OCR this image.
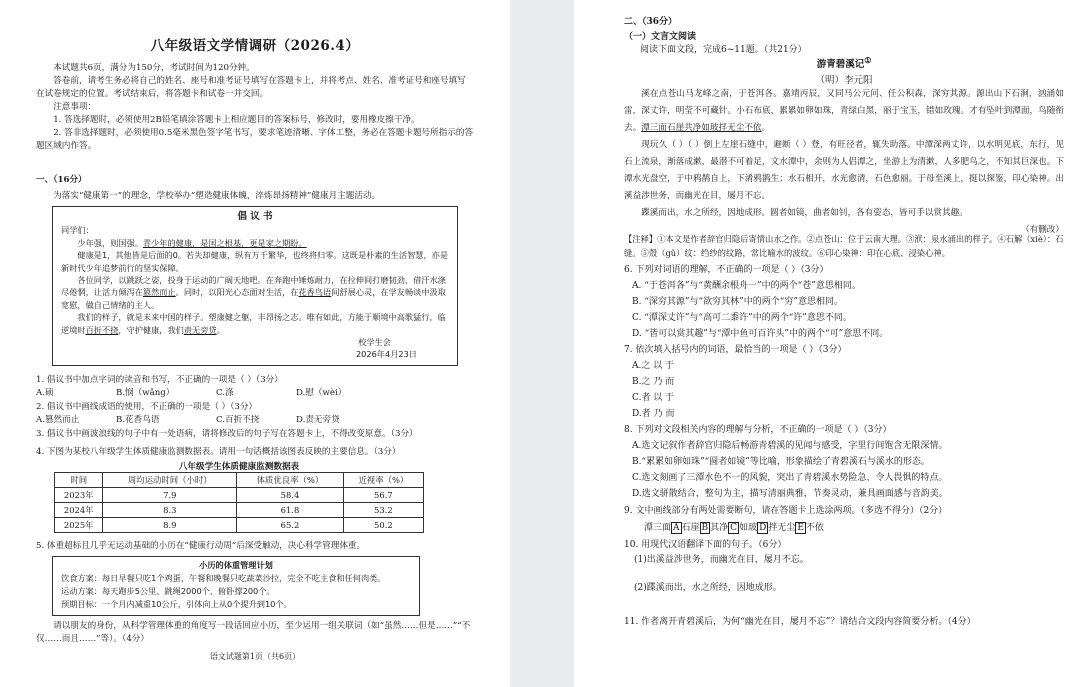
八年级语文学情调研（2026.4）

本试题共6页，满分为150分，考试时间为120分钟。

答卷前，请考生务必将自己的姓名、座号和准考证号填写在答题卡上，并将考点、姓名、准考证号和座号填写在试卷规定的位置。考试结束后，将答题卡和试卷一并交回。

注意事项：

1. 答选择题时，必须使用2B铅笔填涂答题卡上相应题目的答案标号，修改时，要用橡皮擦干净。

2. 答非选择题时，必须使用0.5毫米黑色签字笔书写，要求笔迹清晰、字体工整，务必在答题卡题号所指示的答题区域内作答。

一、（16分）
为落实“健康第一”的理念，学校举办“塑造健康体魄，淬炼昂扬精神”健康月主题活动。

倡 议 书

同学们：

少年强，则国强。青少年的健康，是国之根基，更是家之期盼。

健康是1，其他皆是后面的0。若失却健康，纵有万千繁华，也终将归零。这既是朴素的生活智慧，亦是新时代少年追梦前行的坚实保障。

各位同学，以跳跃之姿，投身于运动的广阔天地吧。在奔跑中锤炼耐力，在拉伸间打磨韧劲，借汗水涤尽倦惘，让活力倾泻在篡然而止。同时，以阳光心态面对生活，在花香鸟语间舒展心灵，在学友畅谈中汲取宽慰，做自己情绪的主人。

我们的样子，就是未来中国的样子。塑康健之躯，丰昂扬之志。唯有如此，方能于顺境中高歌猛行，临逆境时百折不挠，守护健康，我们责无旁贷。

校学生会

2026年4月23日

1. 倡议书中加点字词的读音和书写，不正确的一项是（ ）（3分）
A.硕	B.悯（wǎng）	C.涤	D.慰（wèi）
2. 倡议书中画线成语的使用，不正确的一项是（ ）（3分）
A.篡然而止	B.花香鸟语	C.百折不挠	D.责无旁贷
3. 倡议书中画波浪线的句子中有一处语病，请将修改后的句子写在答题卡上，不得改变原意。（3分）
4. 下图为某校八年级学生体质健康监测数据表。请用一句话概括该图表反映的主要信息。（3分）
八年级学生体质健康监测数据表
时间	周均运动时间（小时）	体质优良率（%）	近视率（%）
2023年	7.9	58.4	56.7
2024年	8.3	61.8	53.2
2025年	8.9	65.2	50.2
5. 体重超标且几乎无运动基础的小历在“健康行动周”后深受触动，决心科学管理体重。

小历的体重管理计划

饮食方案：每日早餐只吃1个鸡蛋，午餐和晚餐只吃蔬菜沙拉，完全不吃主食和任何肉类。

运动方案：每天跑步5公里、跳绳2000个、俯卧撑200个。

预期目标：一个月内减重10公斤，引体向上从0个提升到10个。

请以朋友的身份，从科学管理体重的角度写一段话回应小历，至少运用一组关联词（如“虽然……但是……”“不仅……而且……”等）。（4分）
语文试题第1页（共6页）
二、（36分）
（一）文言文阅读
阅读下面文段，完成6~11题。（共21分）
游青碧溪记①
（明）李元阳

溪在点苍山马龙峰之南，于苍洱各。嘉靖丙辰，又同马公元问、任公积森，深穷其源。源出山下石涧，汹涌如雷，深丈许，明莹不可藏针。小石布底，累累如卵如珠，青绿白黑，丽于宝玉，错如玫瑰。才有坠叶到潭面，鸟随衔去。潭三面石崖共净如玻拌无尘不依。

现玩久（ ）（ ）倒上左崖石缝中，避断（ ）登，有旺径者，辄失助落。中潭深两丈许，以水明见底，东行，见石上流泉，渐落成漱，最潜不可着足，文水潭中，余则为人侣潭之，坐游上为清漱，人多肥鸟之，不知其巨深也。下潭水光盘空，于中鸦鹊自上，下淆鸦鹊生；水石相开，水光愈清，石色愈丽。于母至溪上，挺以探鉴，印心染神。出溪益涉世务，而幽光在目，屡月不忘。

蹀溪而出，水之所经，因地成形。圆者如镜，曲者如钊，各有姿态，皆可手以赏其趣。

（有删改）

【注释】①本文是作者辞官归隐后寄情山水之作。②点苍山：位于云南大理。③洑：泉水涌出的样子。④石解（xiè）：石缝。⑤殼（gǔ）纹：绉纱的纹路，常比喻水的波纹。⑥印心染神：印在心底、浸染心神。
6. 下列对词语的理解，不正确的一项是（ ）（3分）

A. “于苍洱各”与“黄酬余根舟一”中的两个“苍”意思相同。

B. “深穷其源”与“欲穷其林”中的两个“穷”意思相同。

C. “潭深丈许”与“高可二黍许”中的两个“许”意思不同。

D. “皆可以赏其趣”与“潭中鱼可百许头”中的两个“可”意思不同。

7. 依次填入括号内的词语，最恰当的一项是（ ）（3分）

A.之 以 于

B.之 乃 而

C.者 以 于

D.者 乃 而

8. 下列对文段相关内容的理解与分析，不正确的一项是（ ）（3分）

A.选文记叙作者辞官归隐后畅游青碧溪的见闻与感受，字里行间饱含无限深情。

B.“累累如卵如珠”“圆者如镜”等比喻，形象描绘了青碧溪石与溪水的形态。

C.选文刻画了三潭水色不一的风貌，突出了青碧溪水势险急、令人畏惧的特点。

D.选文骈散结合，整句为主，描写清丽典雅，节奏灵动，兼具画面感与音韵美。

9. 文中画线部分有两处需要断句，请在答题卡上选涂两项。（多选不得分）（2分）
潭三面 A 石崖 B 其净 C 如玻 D 拌无尘 E 不依
10. 用现代汉语翻译下面的句子。（6分）
(1)出溪益涉世务，而幽光在目，屡月不忘。
(2)蹀溪而出，水之所经，因地成形。
11. 作者离开青碧溪后，为何“幽光在目，屡月不忘”？请结合文段内容简要分析。（4分）
